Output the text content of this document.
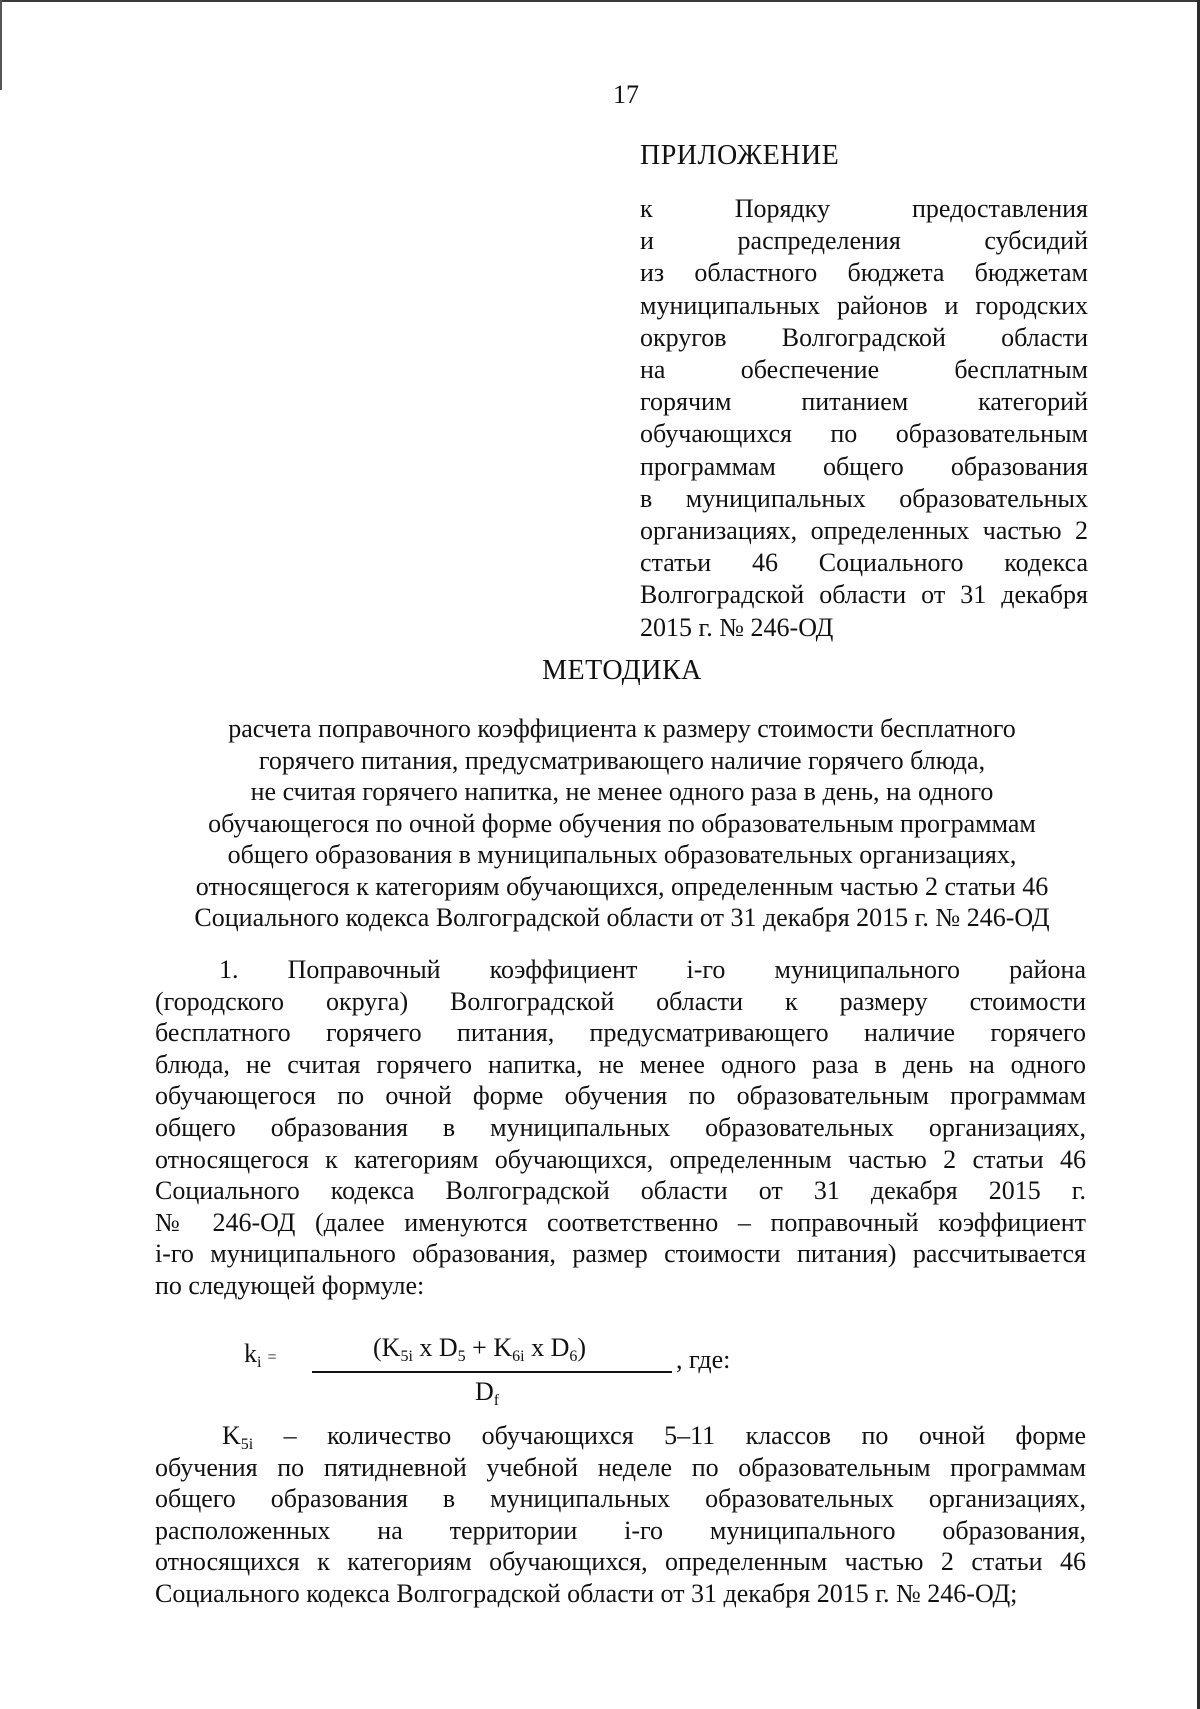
17
ПРИЛОЖЕНИЕ
к Порядку предоставления
и распределения субсидий
из областного бюджета бюджетам
муниципальных районов и городских
округов Волгоградской области
на обеспечение бесплатным
горячим питанием категорий
обучающихся по образовательным
программам общего образования
в муниципальных образовательных
организациях, определенных частью 2
статьи 46 Социального кодекса
Волгоградской области от 31 декабря
2015 г. № 246-ОД
МЕТОДИКА
расчета поправочного коэффициента к размеру стоимости бесплатного
горячего питания, предусматривающего наличие горячего блюда,
не считая горячего напитка, не менее одного раза в день, на одного
обучающегося по очной форме обучения по образовательным программам
общего образования в муниципальных образовательных организациях,
относящегося к категориям обучающихся, определенным частью 2 статьи 46
Социального кодекса Волгоградской области от 31 декабря 2015 г. № 246-ОД
1. Поправочный коэффициент i-го муниципального района
(городского округа) Волгоградской области к размеру стоимости
бесплатного горячего питания, предусматривающего наличие горячего
блюда, не считая горячего напитка, не менее одного раза в день на одного
обучающегося по очной форме обучения по образовательным программам
общего образования в муниципальных образовательных организациях,
относящегося к категориям обучающихся, определенным частью 2 статьи 46
Социального кодекса Волгоградской области от 31 декабря 2015 г.
№ 246-ОД (далее именуются соответственно – поправочный коэффициент
i-го муниципального образования, размер стоимости питания) рассчитывается
по следующей формуле:
$k_i$ =	($K_{5i}$ x $D_5 + K_{6i}$ x $D_6$)
$D_f$
, где:
$K_{5i}$ – количество обучающихся 5–11 классов по очной форме
обучения по пятидневной учебной неделе по образовательным программам
общего образования в муниципальных образовательных организациях,
расположенных на территории i-го муниципального образования,
относящихся к категориям обучающихся, определенным частью 2 статьи 46
Социального кодекса Волгоградской области от 31 декабря 2015 г. № 246-ОД;
